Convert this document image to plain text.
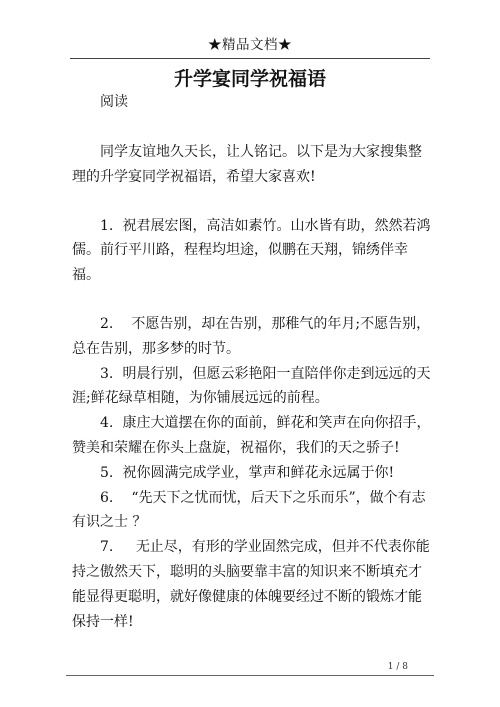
★精品文档★
升学宴同学祝福语
阅读

同学友谊地久天长，让人铭记。以下是为大家搜集整理的升学宴同学祝福语，希望大家喜欢!

1. 祝君展宏图，高洁如素竹。山水皆有助，然然若鸿儒。前行平川路，程程均坦途，似鹏在天翔，锦绣伴幸福。

2. 不愿告别，却在告别，那稚气的年月;不愿告别，总在告别，那多梦的时节。

3. 明晨行别，但愿云彩艳阳一直陪伴你走到远远的天涯;鲜花绿草相随，为你铺展远远的前程。

4. 康庄大道摆在你的面前，鲜花和笑声在向你招手，赞美和荣耀在你头上盘旋，祝福你，我们的天之骄子!

5. 祝你圆满完成学业，掌声和鲜花永远属于你!

6. “先天下之忧而忧，后天下之乐而乐”，做个有志有识之士 ？

7. 无止尽，有形的学业固然完成，但并不代表你能持之傲然天下，聪明的头脑要靠丰富的知识来不断填充才能显得更聪明，就好像健康的体魄要经过不断的锻炼才能保持一样!

1 / 8
